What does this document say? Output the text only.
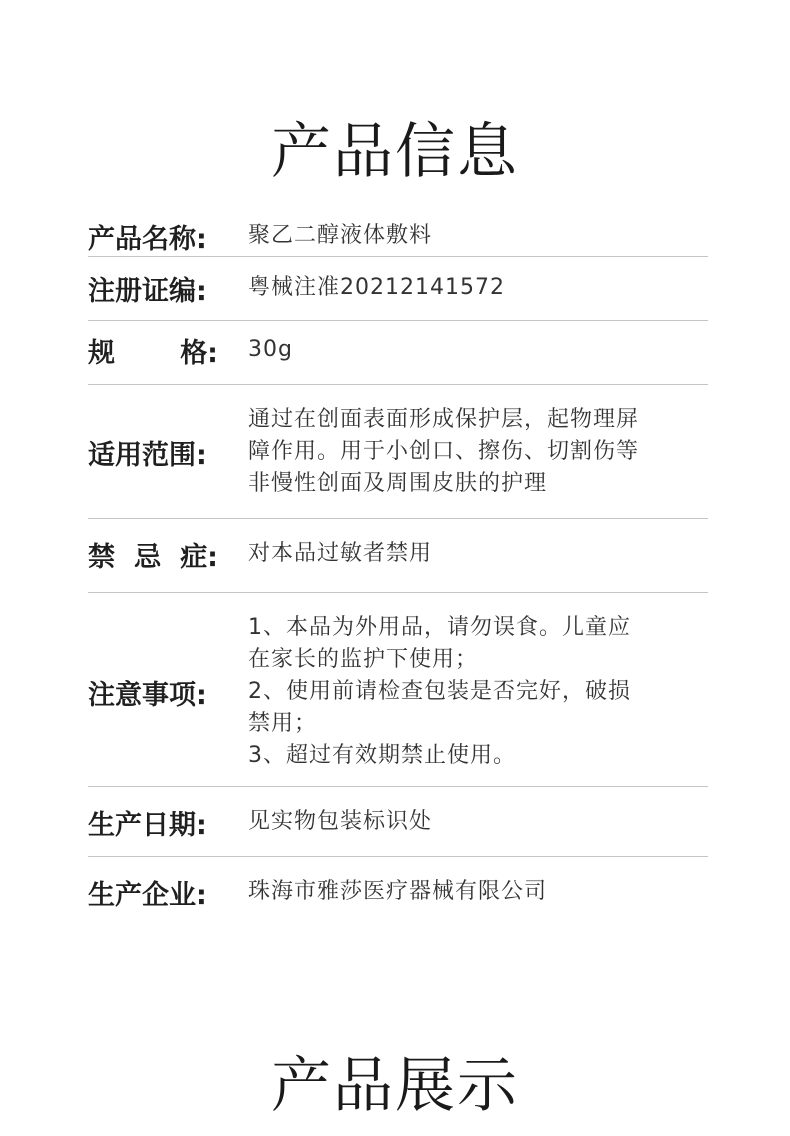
产品信息
产品名称:	聚乙二醇液体敷料
注册证编:	粤械注准20212141572
规 格: 30g
适用范围:
通过在创面表面形成保护层，起物理屏
障作用。用于小创口、擦伤、切割伤等
非慢性创面及周围皮肤的护理
禁 忌 症: 对本品过敏者禁用
注意事项:
1、本品为外用品，请勿误食。儿童应
在家长的监护下使用；
2、使用前请检查包装是否完好，破损
禁用；
3、超过有效期禁止使用。
生产日期:	见实物包装标识处
生产企业:	珠海市雅莎医疗器械有限公司
产品展示
